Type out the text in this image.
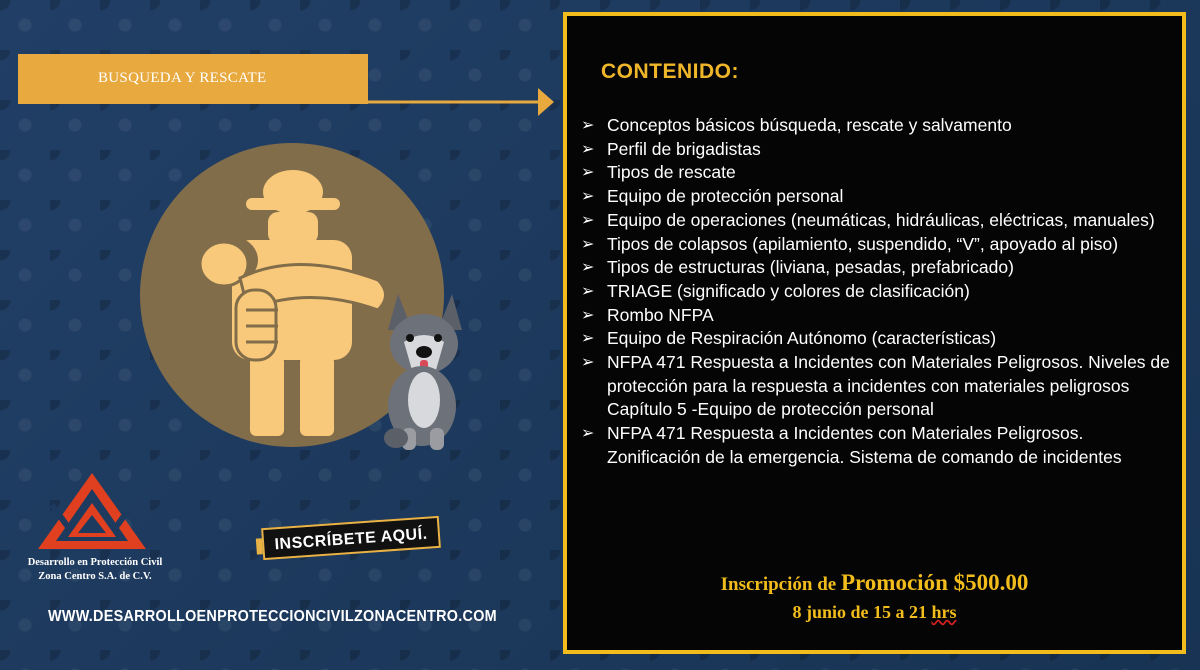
BUSQUEDA Y RESCATE
Desarrollo en Protección Civil
Zona Centro S.A. de C.V.
INSCRÍBETE AQUÍ.
WWW.DESARROLLOENPROTECCIONCIVILZONACENTRO.COM
CONTENIDO:
➢ Conceptos básicos búsqueda, rescate y salvamento
➢ Perfil de brigadistas
➢ Tipos de rescate
➢ Equipo de protección personal
➢ Equipo de operaciones (neumáticas, hidráulicas, eléctricas, manuales)
➢ Tipos de colapsos (apilamiento, suspendido, “V”, apoyado al piso)
➢ Tipos de estructuras (liviana, pesadas, prefabricado)
➢ TRIAGE (significado y colores de clasificación)
➢ Rombo NFPA
➢ Equipo de Respiración Autónomo (características)
➢ NFPA 471 Respuesta a Incidentes con Materiales Peligrosos. Niveles de protección para la respuesta a incidentes con materiales peligrosos Capítulo 5 -Equipo de protección personal
➢ NFPA 471 Respuesta a Incidentes con Materiales Peligrosos. Zonificación de la emergencia. Sistema de comando de incidentes
Inscripción de Promoción $500.00
8 junio de 15 a 21 hrs
